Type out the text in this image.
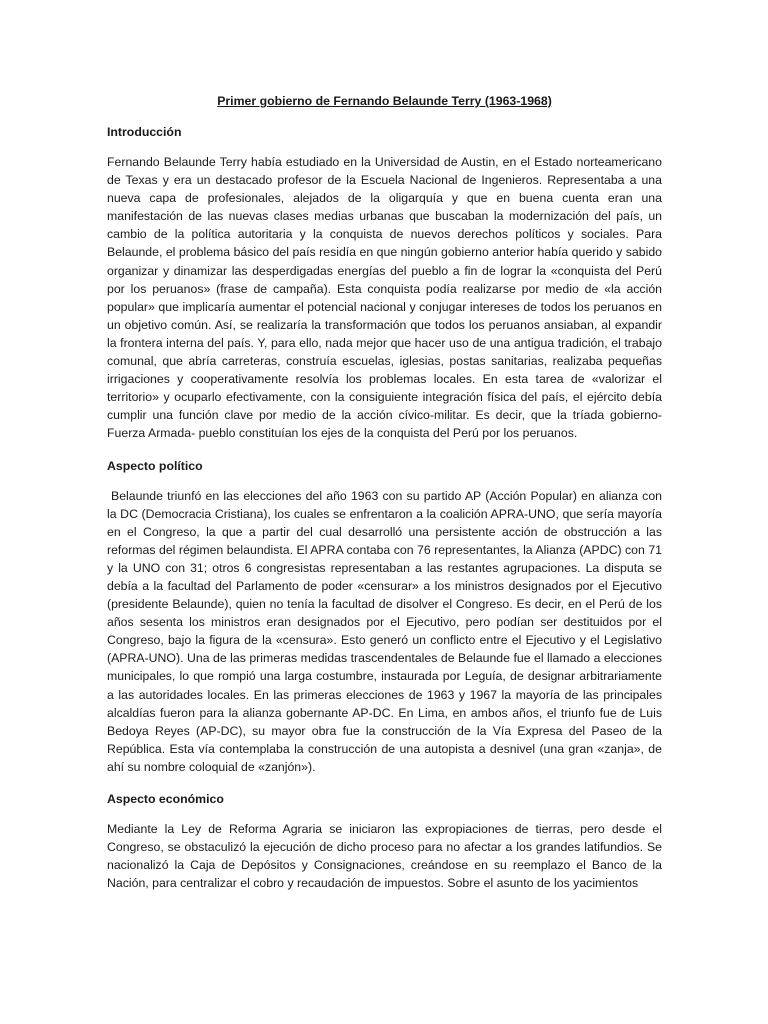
Primer gobierno de Fernando Belaunde Terry (1963-1968)
Introducción

Fernando Belaunde Terry había estudiado en la Universidad de Austin, en el Estado norteamericano de Texas y era un destacado profesor de la Escuela Nacional de Ingenieros. Representaba a una nueva capa de profesionales, alejados de la oligarquía y que en buena cuenta eran una manifestación de las nuevas clases medias urbanas que buscaban la modernización del país, un cambio de la política autoritaria y la conquista de nuevos derechos políticos y sociales. Para Belaunde, el problema básico del país residía en que ningún gobierno anterior había querido y sabido organizar y dinamizar las desperdigadas energías del pueblo a fin de lograr la «conquista del Perú por los peruanos» (frase de campaña). Esta conquista podía realizarse por medio de «la acción popular» que implicaría aumentar el potencial nacional y conjugar intereses de todos los peruanos en un objetivo común. Así, se realizaría la transformación que todos los peruanos ansiaban, al expandir la frontera interna del país. Y, para ello, nada mejor que hacer uso de una antigua tradición, el trabajo comunal, que abría carreteras, construía escuelas, iglesias, postas sanitarias, realizaba pequeñas irrigaciones y cooperativamente resolvía los problemas locales. En esta tarea de «valorizar el territorio» y ocuparlo efectivamente, con la consiguiente integración física del país, el ejército debía cumplir una función clave por medio de la acción cívico-militar. Es decir, que la tríada gobierno-Fuerza Armada- pueblo constituían los ejes de la conquista del Perú por los peruanos.

Aspecto político

Belaunde triunfó en las elecciones del año 1963 con su partido AP (Acción Popular) en alianza con la DC (Democracia Cristiana), los cuales se enfrentaron a la coalición APRA-UNO, que sería mayoría en el Congreso, la que a partir del cual desarrolló una persistente acción de obstrucción a las reformas del régimen belaundista. El APRA contaba con 76 representantes, la Alianza (APDC) con 71 y la UNO con 31; otros 6 congresistas representaban a las restantes agrupaciones. La disputa se debía a la facultad del Parlamento de poder «censurar» a los ministros designados por el Ejecutivo (presidente Belaunde), quien no tenía la facultad de disolver el Congreso. Es decir, en el Perú de los años sesenta los ministros eran designados por el Ejecutivo, pero podían ser destituidos por el Congreso, bajo la figura de la «censura». Esto generó un conflicto entre el Ejecutivo y el Legislativo (APRA-UNO). Una de las primeras medidas trascendentales de Belaunde fue el llamado a elecciones municipales, lo que rompió una larga costumbre, instaurada por Leguía, de designar arbitrariamente a las autoridades locales. En las primeras elecciones de 1963 y 1967 la mayoría de las principales alcaldías fueron para la alianza gobernante AP-DC. En Lima, en ambos años, el triunfo fue de Luis Bedoya Reyes (AP-DC), su mayor obra fue la construcción de la Vía Expresa del Paseo de la República. Esta vía contemplaba la construcción de una autopista a desnivel (una gran «zanja», de ahí su nombre coloquial de «zanjón»).

Aspecto económico

Mediante la Ley de Reforma Agraria se iniciaron las expropiaciones de tierras, pero desde el Congreso, se obstaculizó la ejecución de dicho proceso para no afectar a los grandes latifundios. Se nacionalizó la Caja de Depósitos y Consignaciones, creándose en su reemplazo el Banco de la Nación, para centralizar el cobro y recaudación de impuestos. Sobre el asunto de los yacimientos
